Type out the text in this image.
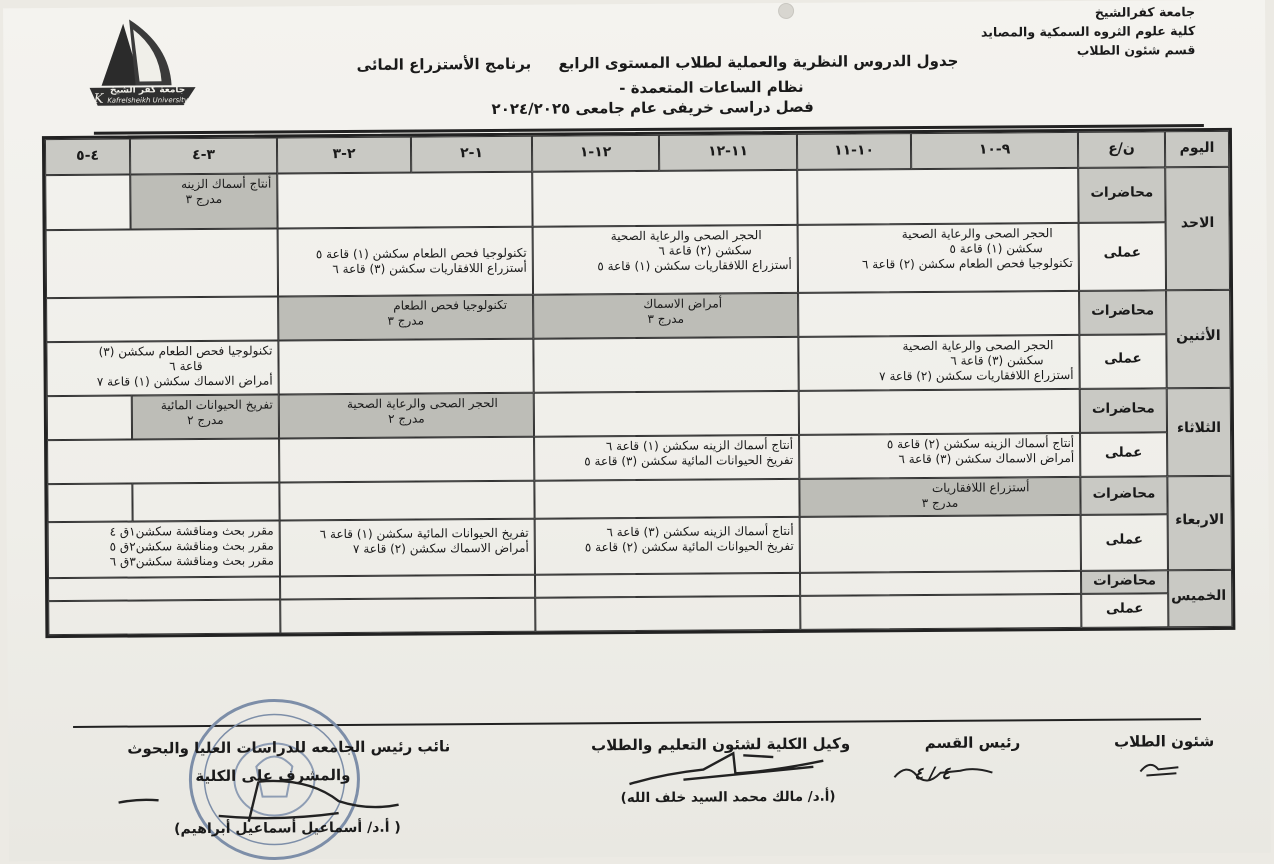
جامعة كفرالشيخ
كلية علوم الثروه السمكية والمصايد
قسم شئون الطلاب
K
جامعة كفر الشيخ
Kafrelsheikh University
جدول الدروس النظرية والعملية لطلاب المستوى الرابع برنامج الأستزراع المائى
نظام الساعات المتعمدة -
فصل دراسى خريفى عام جامعى ٢٠٢٤/٢٠٢٥
اليوم
ن/ع
٩-١٠
١٠-١١
١١-١٢
١٢-١
١-٢
٢-٣
٣-٤
٤-٥
الاحد
محاضرات
عملى
أنتاج أسماك الزينه
مدرج ٣
الحجر الصحى والرعاية الصحية
سكشن (١) قاعة ٥
تكنولوجيا فحص الطعام سكشن (٢) قاعة ٦
الحجر الصحى والرعاية الصحية
سكشن (٢) قاعة ٦
أستزراع اللافقاريات سكشن (١) قاعة ٥
تكنولوجيا فحص الطعام سكشن (١) قاعة ٥
أستزراع اللافقاريات سكشن (٣) قاعة ٦
الأثنين
محاضرات
عملى
أمراض الاسماك
مدرج ٣
تكنولوجيا فحص الطعام
مدرج ٣
الحجر الصحى والرعاية الصحية
سكشن (٣) قاعة ٦
أستزراع اللافقاريات سكشن (٢) قاعة ٧
تكنولوجيا فحص الطعام سكشن (٣)
قاعة ٦
أمراض الاسماك سكشن (١) قاعة ٧
الثلاثاء
محاضرات
عملى
الحجر الصحى والرعاية الصحية
مدرج ٢
تفريخ الحيوانات المائية
مدرج ٢
أنتاج أسماك الزينه سكشن (٢) قاعة ٥
أمراض الاسماك سكشن (٣) قاعة ٦
أنتاج أسماك الزينه سكشن (١) قاعة ٦
تفريخ الحيوانات المائية سكشن (٣) قاعة ٥
الاربعاء
محاضرات
عملى
أستزراع اللافقاريات
مدرج ٣
أنتاج أسماك الزينه سكشن (٣) قاعة ٦
تفريخ الحيوانات المائية سكشن (٢) قاعة ٥
تفريخ الحيوانات المائية سكشن (١) قاعة ٦
أمراض الاسماك سكشن (٢) قاعة ٧
مقرر بحث ومناقشة سكشن١ق ٤
مقرر بحث ومناقشة سكشن٢ق ٥
مقرر بحث ومناقشة سكشن٣ق ٦
الخميس
محاضرات
عملى
شئون الطلاب
رئيس القسم
وكيل الكلية لشئون التعليم والطلاب
نائب رئيس الجامعه للدراسات العليا والبحوث
والمشرف على الكلية
(أ.د/ مالك محمد السيد خلف الله)
( أ.د/ أسماعيل أسماعيل أبراهيم)
٤ / ٤
